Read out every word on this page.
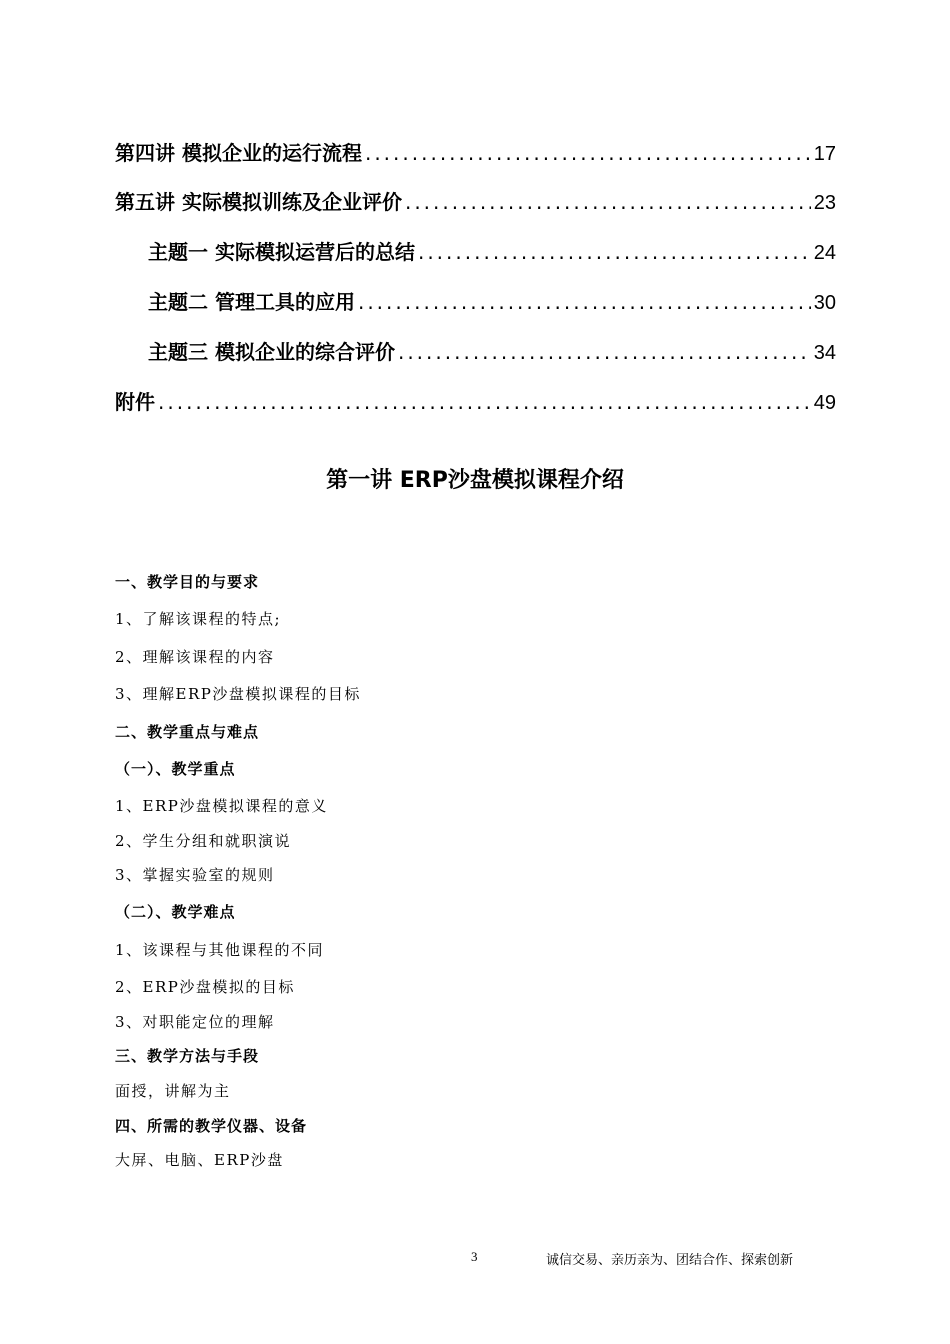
第四讲 模拟企业的运行流程 .....	17
第五讲 实际模拟训练及企业评价 .....	23
主题一 实际模拟运营后的总结 .....	24
主题二 管理工具的应用 .....	30
主题三 模拟企业的综合评价 .....	34
附件 .....	49
第一讲 ERP沙盘模拟课程介绍
一、教学目的与要求
1、了解该课程的特点;
2、理解该课程的内容
3、理解ERP沙盘模拟课程的目标
二、教学重点与难点
（一）、教学重点
1、ERP沙盘模拟课程的意义
2、学生分组和就职演说
3、掌握实验室的规则
（二）、教学难点
1、该课程与其他课程的不同
2、ERP沙盘模拟的目标
3、对职能定位的理解
三、教学方法与手段
面授，讲解为主
四、所需的教学仪器、设备
大屏、电脑、ERP沙盘
3	诚信交易、亲历亲为、团结合作、探索创新
